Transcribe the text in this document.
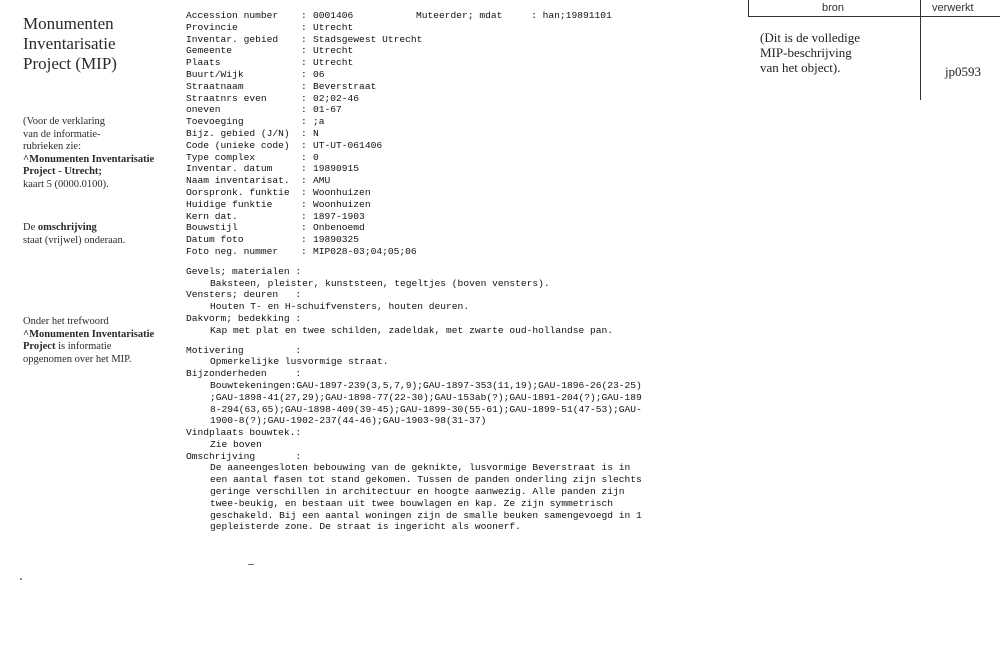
Monumenten
Inventarisatie
Project (MIP)
(Voor de verklaring
van de informatie-
rubrieken zie:
^Monumenten Inventarisatie
Project - Utrecht;
kaart 5 (0000.0100).
De omschrijving
staat (vrijwel) onderaan.
Onder het trefwoord
^Monumenten Inventarisatie
Project is informatie
opgenomen over het MIP.
bron	verwerkt
(Dit is de volledige
MIP-beschrijving
van het object).	jp0593
Accession number : 0001406	Muteerder; mdat     : han;19891101
Provincie	: Utrecht
Inventar. gebied : Stadsgewest Utrecht
Gemeente	: Utrecht
Plaats	: Utrecht
Buurt/Wijk	: 06
Straatnaam	: Beverstraat
Straatnrs even	: 02;02-46
oneven	: 01-67
Toevoeging	: ;a
Bijz. gebied (J/N) : N
Code (unieke code) : UT-UT-061406
Type complex	: 0
Inventar. datum	: 19890915
Naam inventarisat. : AMU
Oorspronk. funktie : Woonhuizen
Huidige funktie	: Woonhuizen
Kern dat.	: 1897-1903
Bouwstijl	: Onbenoemd
Datum foto	: 19890325
Foto neg. nummer : MIP028-03;04;05;06
Gevels; materialen :
Baksteen, pleister, kunststeen, tegeltjes (boven vensters).
Vensters; deuren   :
Houten T- en H-schuifvensters, houten deuren.
Dakvorm; bedekking :
Kap met plat en twee schilden, zadeldak, met zwarte oud-hollandse pan.
Motivering         :
Opmerkelijke lusvormige straat.
Bijzonderheden     :
Bouwtekeningen:GAU-1897-239(3,5,7,9);GAU-1897-353(11,19);GAU-1896-26(23-25)
;GAU-1898-41(27,29);GAU-1898-77(22-30);GAU-153ab(?);GAU-1891-204(?);GAU-189
8-294(63,65);GAU-1898-409(39-45);GAU-1899-30(55-61);GAU-1899-51(47-53);GAU-
1900-8(?);GAU-1902-237(44-46);GAU-1903-98(31-37)
Vindplaats bouwtek.:
Zie boven
Omschrijving       :
De aaneengesloten bebouwing van de geknikte, lusvormige Beverstraat is in
een aantal fasen tot stand gekomen. Tussen de panden onderling zijn slechts
geringe verschillen in architectuur en hoogte aanwezig. Alle panden zijn
twee-beukig, en bestaan uit twee bouwlagen en kap. Ze zijn symmetrisch
geschakeld. Bij een aantal woningen zijn de smalle beuken samengevoegd in 1
gepleisterde zone. De straat is ingericht als woonerf.
